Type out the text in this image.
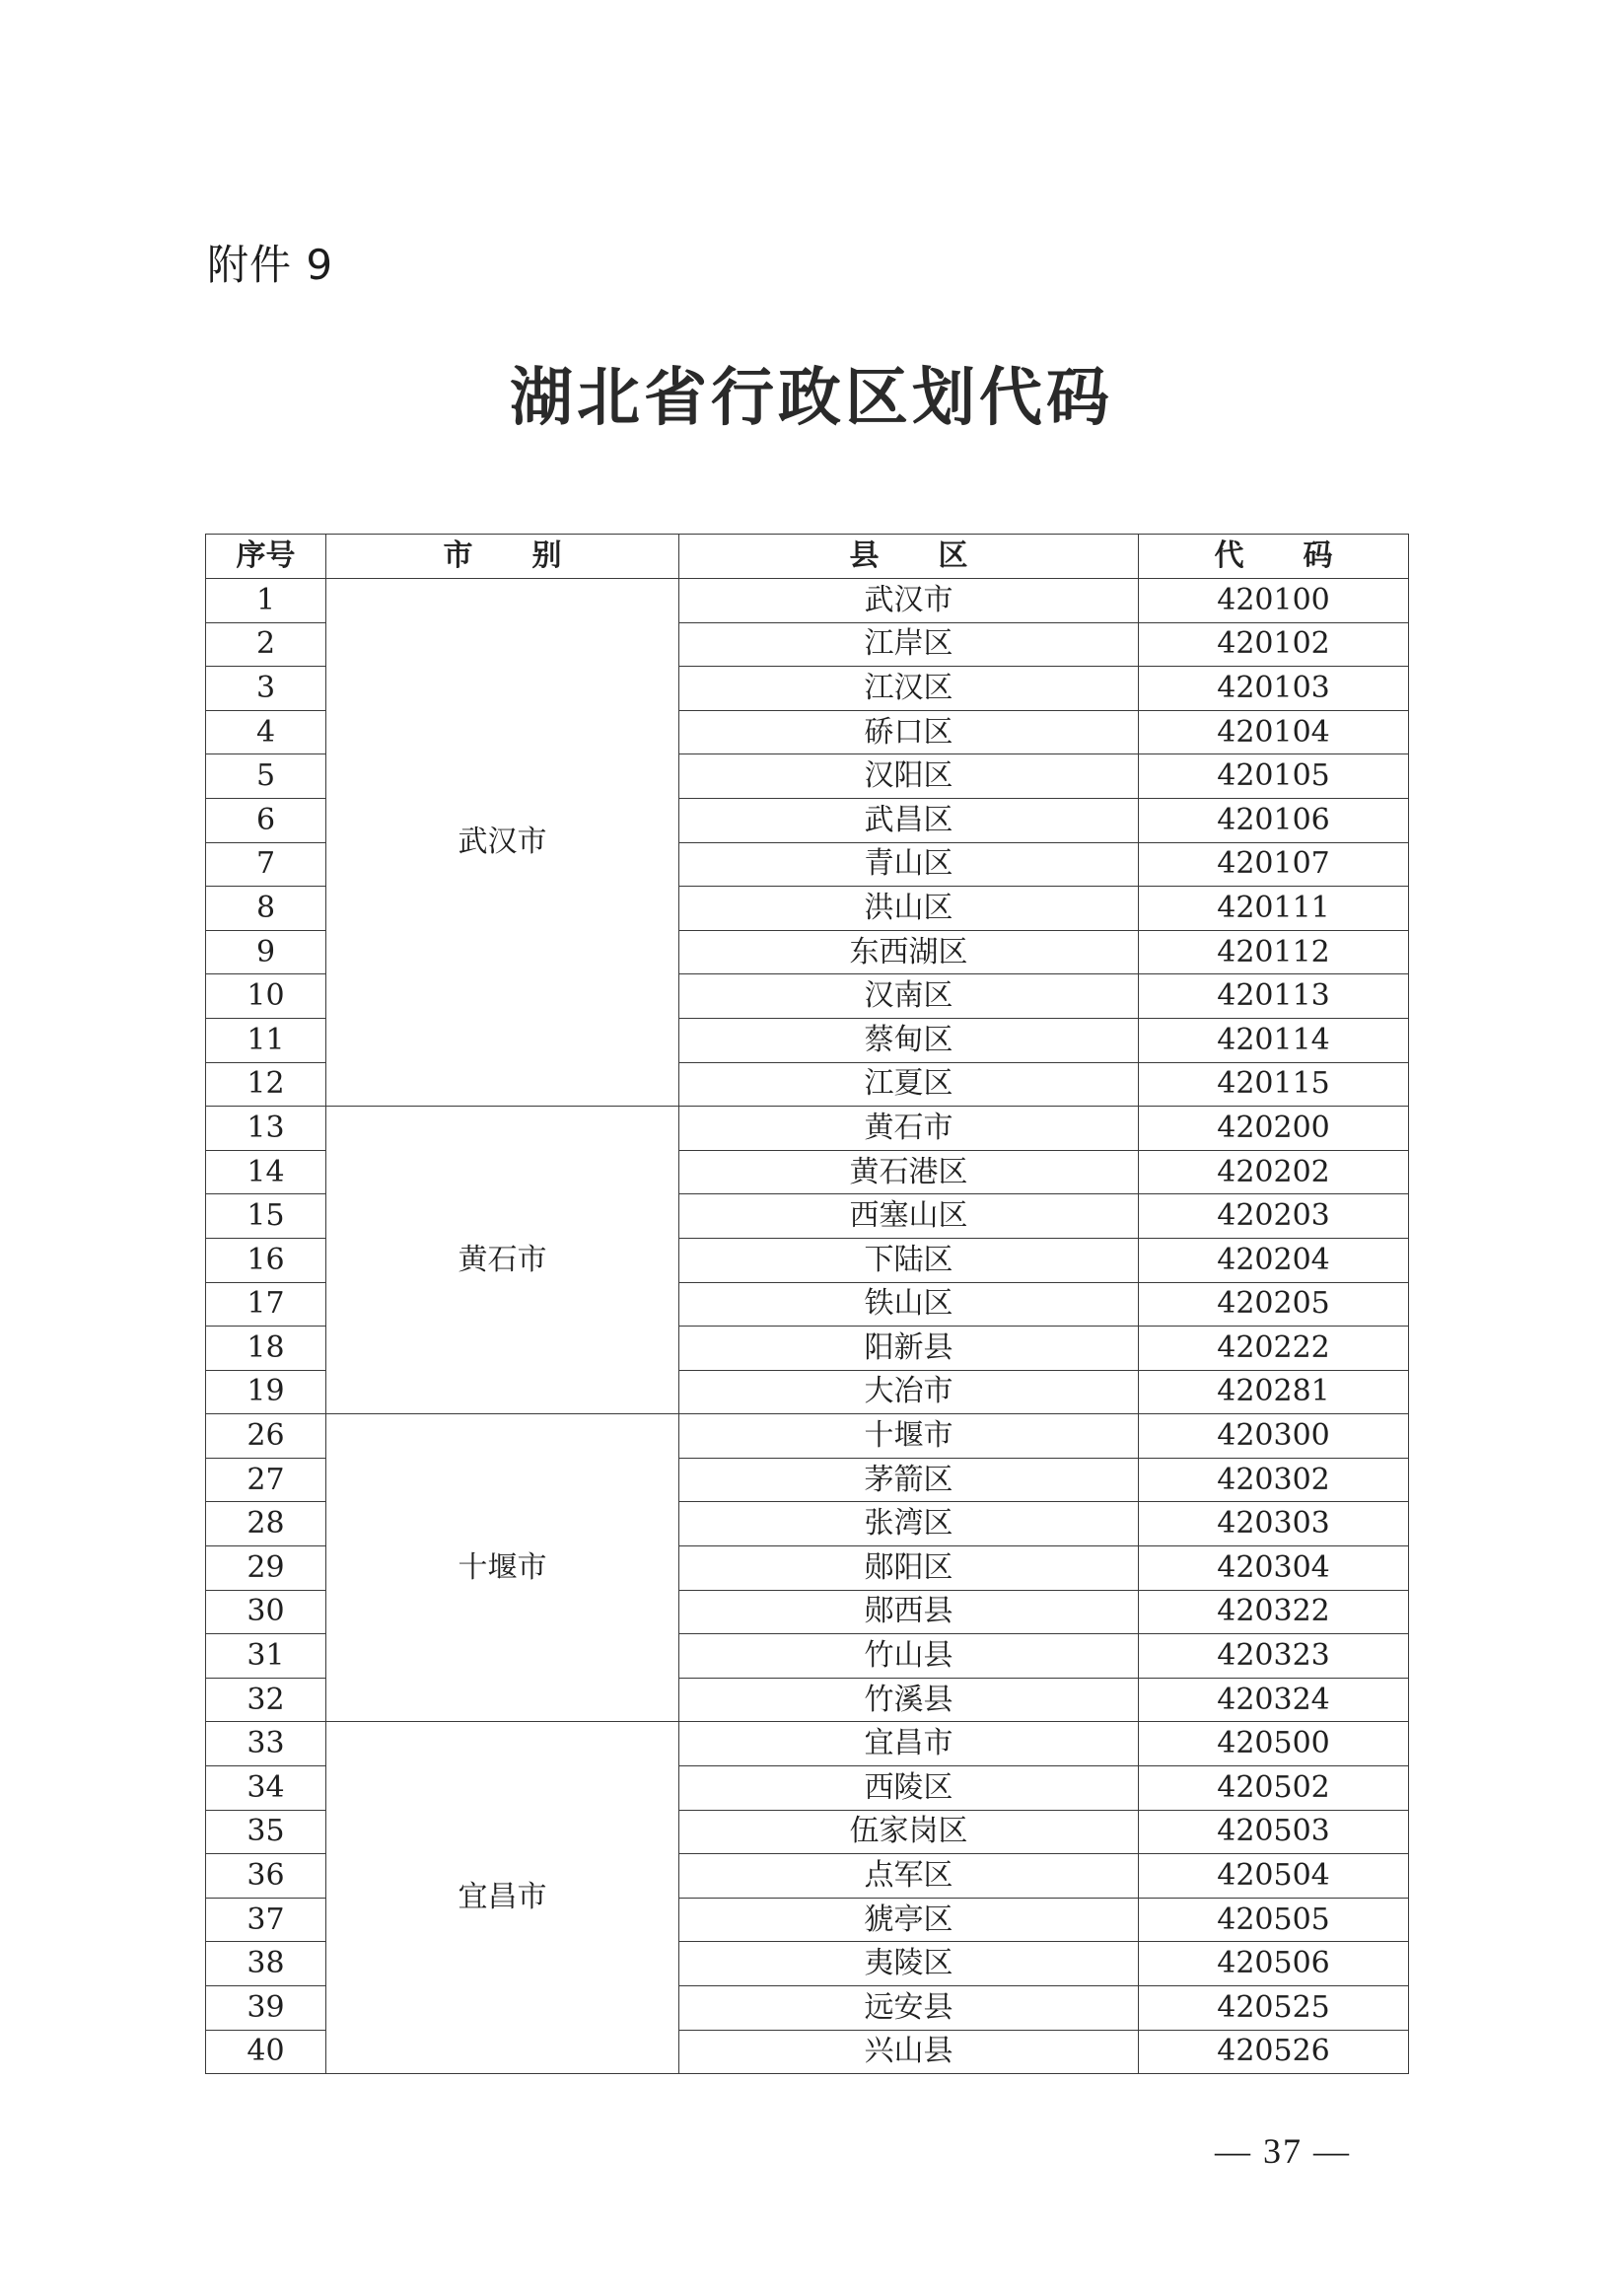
附件 9
湖北省行政区划代码
序号	市　　别	县　　区	代　　码
1	武汉市	武汉市	420100
2		江岸区	420102
3		江汉区	420103
4		硚口区	420104
5		汉阳区	420105
6		武昌区	420106
7		青山区	420107
8		洪山区	420111
9		东西湖区	420112
10		汉南区	420113
11		蔡甸区	420114
12		江夏区	420115
13	黄石市	黄石市	420200
14		黄石港区	420202
15		西塞山区	420203
16		下陆区	420204
17		铁山区	420205
18		阳新县	420222
19		大冶市	420281
26	十堰市	十堰市	420300
27		茅箭区	420302
28		张湾区	420303
29		郧阳区	420304
30		郧西县	420322
31		竹山县	420323
32		竹溪县	420324
33	宜昌市	宜昌市	420500
34		西陵区	420502
35		伍家岗区	420503
36		点军区	420504
37		猇亭区	420505
38		夷陵区	420506
39		远安县	420525
40		兴山县	420526
— 37 —
